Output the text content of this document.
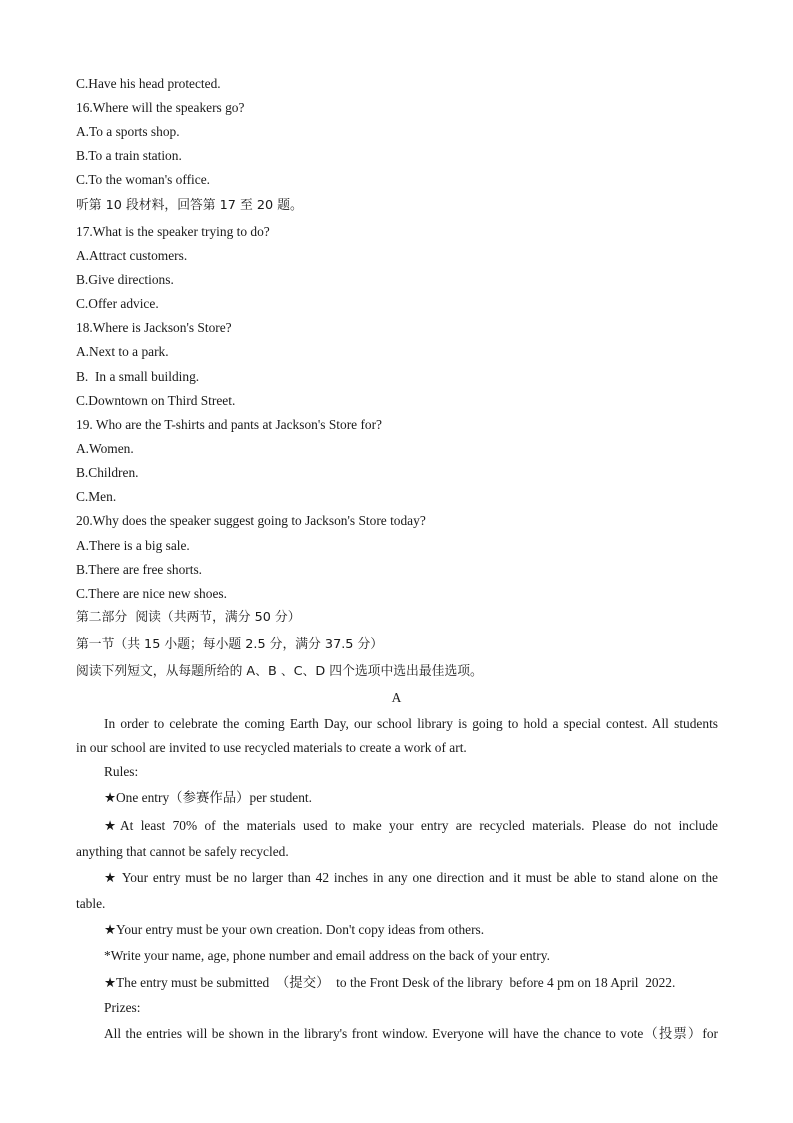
C.Have his head protected.
16.Where will the speakers go?
A.To a sports shop.
B.To a train station.
C.To the woman's office.
听第 10 段材料，回答第 17 至 20 题。
17.What is the speaker trying to do?
A.Attract customers.
B.Give directions.
C.Offer advice.
18.Where is Jackson's Store?
A.Next to a park.
B.  In a small building.
C.Downtown on Third Street.
19. Who are the T-shirts and pants at Jackson's Store for?
A.Women.
B.Children.
C.Men.
20.Why does the speaker suggest going to Jackson's Store today?
A.There is a big sale.
B.There are free shorts.
C.There are nice new shoes.
第二部分  阅读（共两节，满分 50 分）
第一节（共 15 小题；每小题 2.5 分，满分 37.5 分）
阅读下列短文，从每题所给的 A、B 、C、D 四个选项中选出最佳选项。
A
In order to celebrate the coming Earth Day, our school library is going to hold a special contest. All students
in our school are invited to use recycled materials to create a work of art.
Rules:
★One entry（参赛作品）per student.
★At least 70% of the materials used to make your entry are recycled materials. Please do not include
anything that cannot be safely recycled.
★ Your entry must be no larger than 42 inches in any one direction and it must be able to stand alone on the
table.
★Your entry must be your own creation. Don't copy ideas from others.
*Write your name, age, phone number and email address on the back of your entry.
★The entry must be submitted  （提交）  to the Front Desk of the library  before 4 pm on 18 April  2022.
Prizes:
All the entries will be shown in the library's front window. Everyone will have the chance to vote（投票）for
